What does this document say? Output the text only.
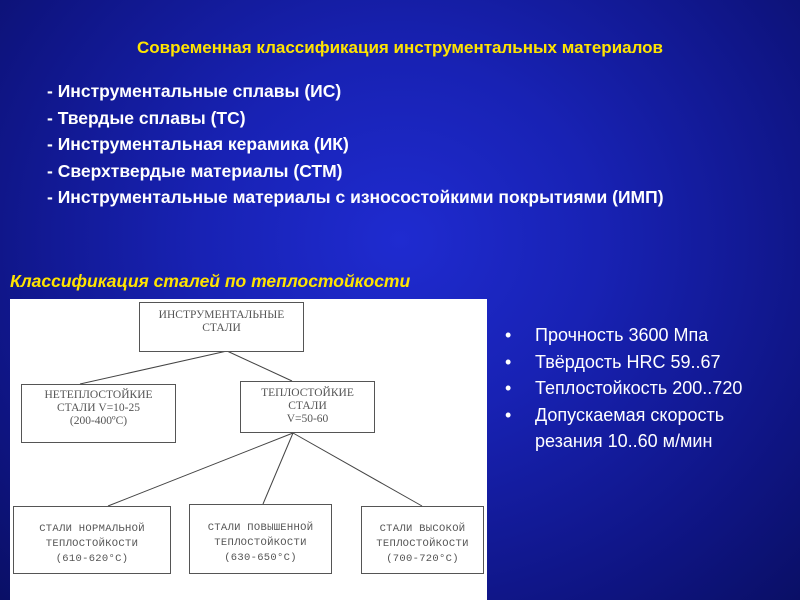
Современная классификация инструментальных материалов
- Инструментальные сплавы (ИС)
- Твердые сплавы (ТС)
- Инструментальная керамика (ИК)
- Сверхтвердые материалы (СТМ)
- Инструментальные материалы с износостойкими покрытиями (ИМП)
Классификация сталей по теплостойкости
ИНСТРУМЕНТАЛЬНЫЕ
СТАЛИ
НЕТЕПЛОСТОЙКИЕ
СТАЛИ V=10-25
(200-400ºС)
ТЕПЛОСТОЙКИЕ
СТАЛИ
V=50-60
СТАЛИ НОРМАЛЬНОЙ
ТЕПЛОСТОЙКОСТИ
(610-620°С)
СТАЛИ ПОВЫШЕННОЙ
ТЕПЛОСТОЙКОСТИ
(630-650°С)
СТАЛИ ВЫСОКОЙ
ТЕПЛОСТОЙКОСТИ
(700-720°С)
• Прочность 3600 Мпа
• Твёрдость HRC 59..67
• Теплостойкость 200..720
• Допускаемая скорость резания 10..60 м/мин
